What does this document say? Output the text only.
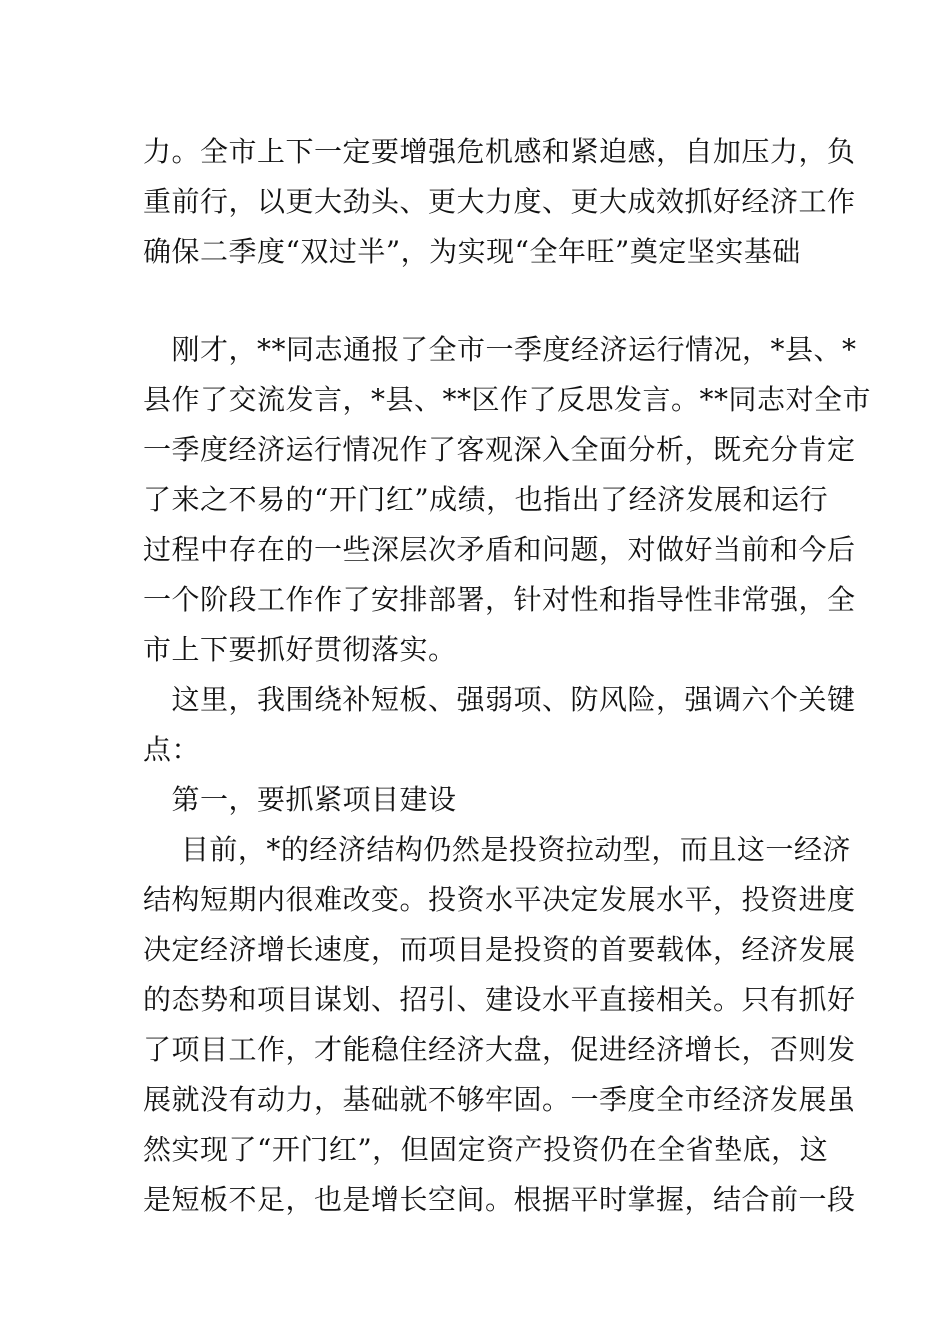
力。全市上下一定要增强危机感和紧迫感，自加压力，负
重前行，以更大劲头、更大力度、更大成效抓好经济工作
确保二季度“双过半”，为实现“全年旺”奠定坚实基础
　刚才，**同志通报了全市一季度经济运行情况，*县、*
县作了交流发言，*县、**区作了反思发言。**同志对全市
一季度经济运行情况作了客观深入全面分析，既充分肯定
了来之不易的“开门红”成绩，也指出了经济发展和运行
过程中存在的一些深层次矛盾和问题，对做好当前和今后
一个阶段工作作了安排部署，针对性和指导性非常强，全
市上下要抓好贯彻落实。
　这里，我围绕补短板、强弱项、防风险，强调六个关键
点：
　第一，要抓紧项目建设
　 目前，*的经济结构仍然是投资拉动型，而且这一经济
结构短期内很难改变。投资水平决定发展水平，投资进度
决定经济增长速度，而项目是投资的首要载体，经济发展
的态势和项目谋划、招引、建设水平直接相关。只有抓好
了项目工作，才能稳住经济大盘，促进经济增长，否则发
展就没有动力，基础就不够牢固。一季度全市经济发展虽
然实现了“开门红”，但固定资产投资仍在全省垫底，这
是短板不足，也是增长空间。根据平时掌握，结合前一段
